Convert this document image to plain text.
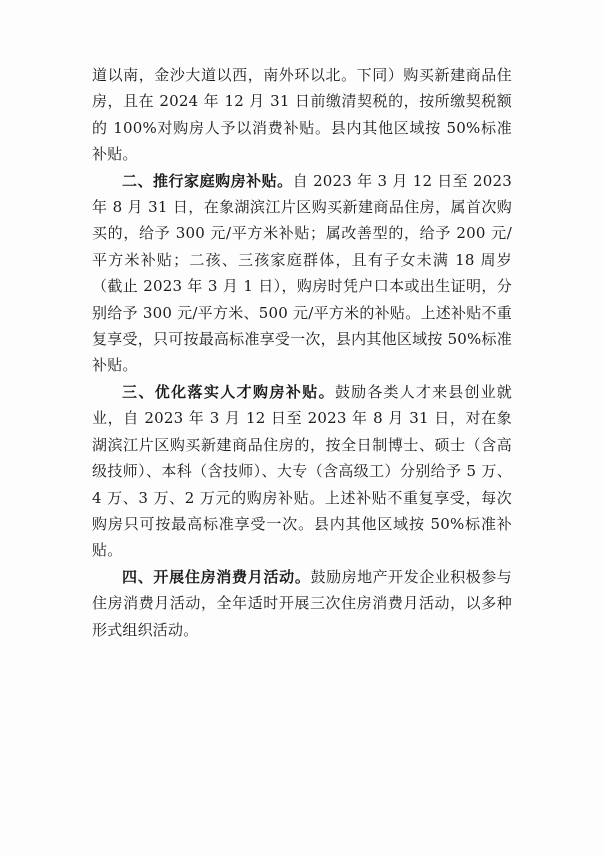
道以南，金沙大道以西，南外环以北。下同）购买新建商品住房，且在 2024 年 12 月 31 日前缴清契税的，按所缴契税额的 100%对购房人予以消费补贴。县内其他区域按 50%标准补贴。

二、推行家庭购房补贴。自 2023 年 3 月 12 日至 2023 年 8 月 31 日，在象湖滨江片区购买新建商品住房，属首次购买的，给予 300 元/平方米补贴；属改善型的，给予 200 元/平方米补贴；二孩、三孩家庭群体，且有子女未满 18 周岁（截止 2023 年 3 月 1 日），购房时凭户口本或出生证明，分别给予 300 元/平方米、500 元/平方米的补贴。上述补贴不重复享受，只可按最高标准享受一次，县内其他区域按 50%标准补贴。

三、优化落实人才购房补贴。鼓励各类人才来县创业就业，自 2023 年 3 月 12 日至 2023 年 8 月 31 日，对在象湖滨江片区购买新建商品住房的，按全日制博士、硕士（含高级技师）、本科（含技师）、大专（含高级工）分别给予 5 万、4 万、3 万、2 万元的购房补贴。上述补贴不重复享受，每次购房只可按最高标准享受一次。县内其他区域按 50%标准补贴。

四、开展住房消费月活动。鼓励房地产开发企业积极参与住房消费月活动，全年适时开展三次住房消费月活动，以多种形式组织活动。
